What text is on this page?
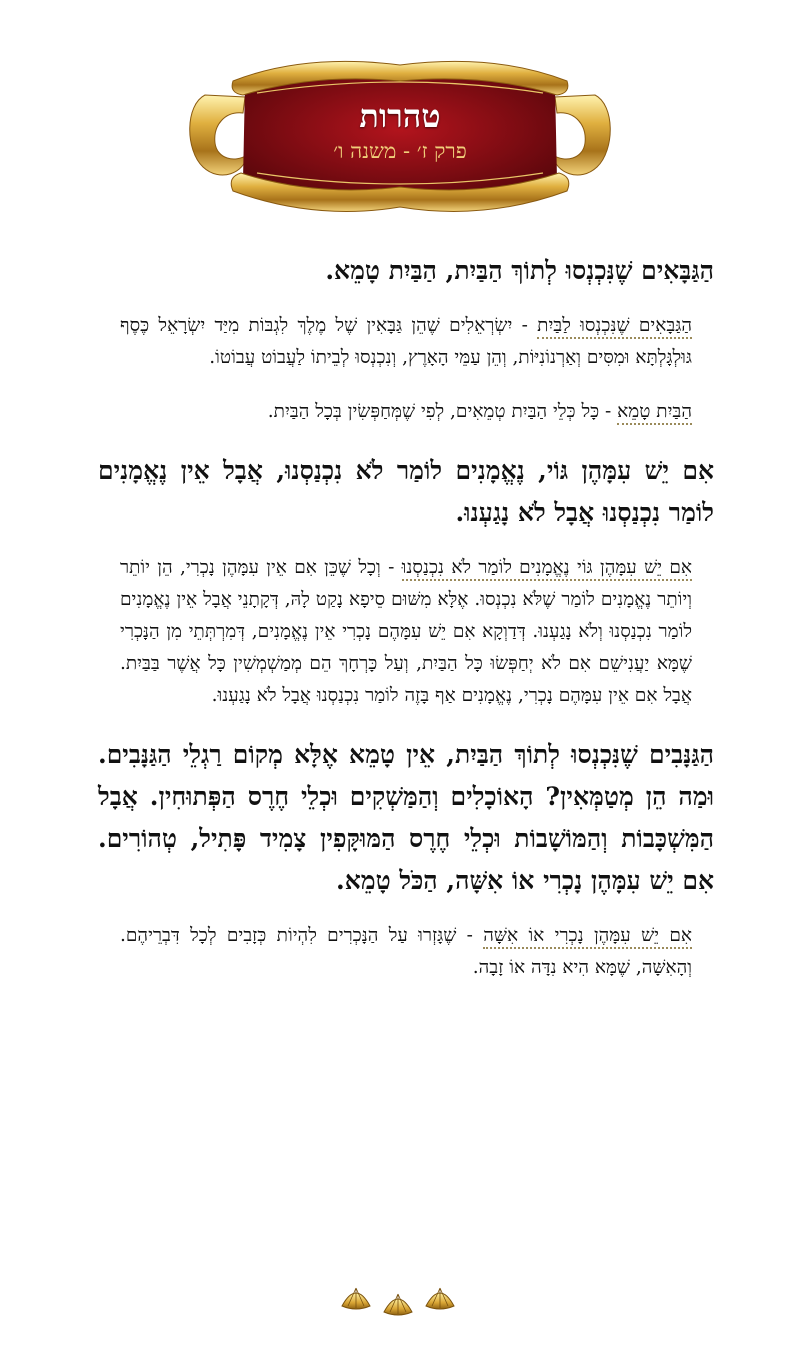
טהרות
פרק ז׳ - משנה ו׳

הַגַּבָּאִים שֶׁנִּכְנְסוּ לְתוֹךְ הַבַּיִת, הַבַּיִת טָמֵא.

הַגַּבָּאִים שֶׁנִּכְנְסוּ לַבַּיִת - יִשְׂרְאֵלִים שֶׁהֵן גַּבָּאִין שֶׁל מֶלֶךְ לִגְבּוֹת מִיַּד יִשְׂרָאֵל כֶּסֶף גּוּלְגָּלְתָּא וּמִסִּים וְאַרְנוֹנִיּוֹת, וְהֵן עַמֵּי הָאָרֶץ, וְנִכְנְסוּ לְבֵיתוֹ לַעֲבוֹט עֲבוֹטוֹ.

הַבַּיִת טָמֵא - כָּל כְּלֵי הַבַּיִת טְמֵאִים, לְפִי שֶׁמְּחַפְּשִׂין בְּכָל הַבַּיִת.

אִם יֵשׁ עִמָּהֶן גּוֹי, נֶאֱמָנִים לוֹמַר לֹא נִכְנַסְנוּ, אֲבָל אֵין נֶאֱמָנִים לוֹמַר נִכְנַסְנוּ אֲבָל לֹא נָגַעְנוּ.

אִם יֵשׁ עִמָּהֶן גּוֹי נֶאֱמָנִים לוֹמַר לֹא נִכְנַסְנוּ - וְכָל שֶׁכֵּן אִם אֵין עִמָּהֶן נָכְרִי, הֵן יוֹתֵר וְיוֹתֵר נֶאֱמָנִים לוֹמַר שֶׁלֹּא נִכְנְסוּ. אֶלָּא מִשּׁוּם סֵיפָא נָקַט לָהּ, דְּקָתָנֵי אֲבָל אֵין נֶאֱמָנִים לוֹמַר נִכְנַסְנוּ וְלֹא נָגַעְנוּ. דְּדַוְקָא אִם יֵשׁ עִמָּהֶם נָכְרִי אֵין נֶאֱמָנִים, דְּמִרְתְּתֵי מִן הַנָּכְרִי שֶׁמָּא יַעֲנִישֵׁם אִם לֹא יְחַפְּשׂוּ כָּל הַבַּיִת, וְעַל כָּרְחָךְ הֵם מְמַשְׁמְשִׁין כָּל אֲשֶׁר בַּבַּיִת. אֲבָל אִם אֵין עִמָּהֶם נָכְרִי, נֶאֱמָנִים אַף בָּזֶה לוֹמַר נִכְנַסְנוּ אֲבָל לֹא נָגַעְנוּ.

הַגַּנָּבִים שֶׁנִּכְנְסוּ לְתוֹךְ הַבַּיִת, אֵין טָמֵא אֶלָּא מְקוֹם רַגְלֵי הַגַּנָּבִים. וּמַה הֵן מְטַמְּאִין? הָאוֹכָלִים וְהַמַּשְׁקִים וּכְלֵי חֶרֶס הַפְּתוּחִין. אֲבָל הַמִּשְׁכָּבוֹת וְהַמּוֹשָׁבוֹת וּכְלֵי חֶרֶס הַמּוּקָּפִין צָמִיד פָּתִיל, טְהוֹרִים. אִם יֵשׁ עִמָּהֶן נָכְרִי אוֹ אִשָּׁה, הַכֹּל טָמֵא.

אִם יֵשׁ עִמָּהֶן נָכְרִי אוֹ אִשָּׁה - שֶׁגָּזְרוּ עַל הַנָּכְרִים לִהְיוֹת כְּזָבִים לְכָל דִּבְרֵיהֶם. וְהָאִשָּׁה, שֶׁמָּא הִיא נִדָּה אוֹ זָבָה.
